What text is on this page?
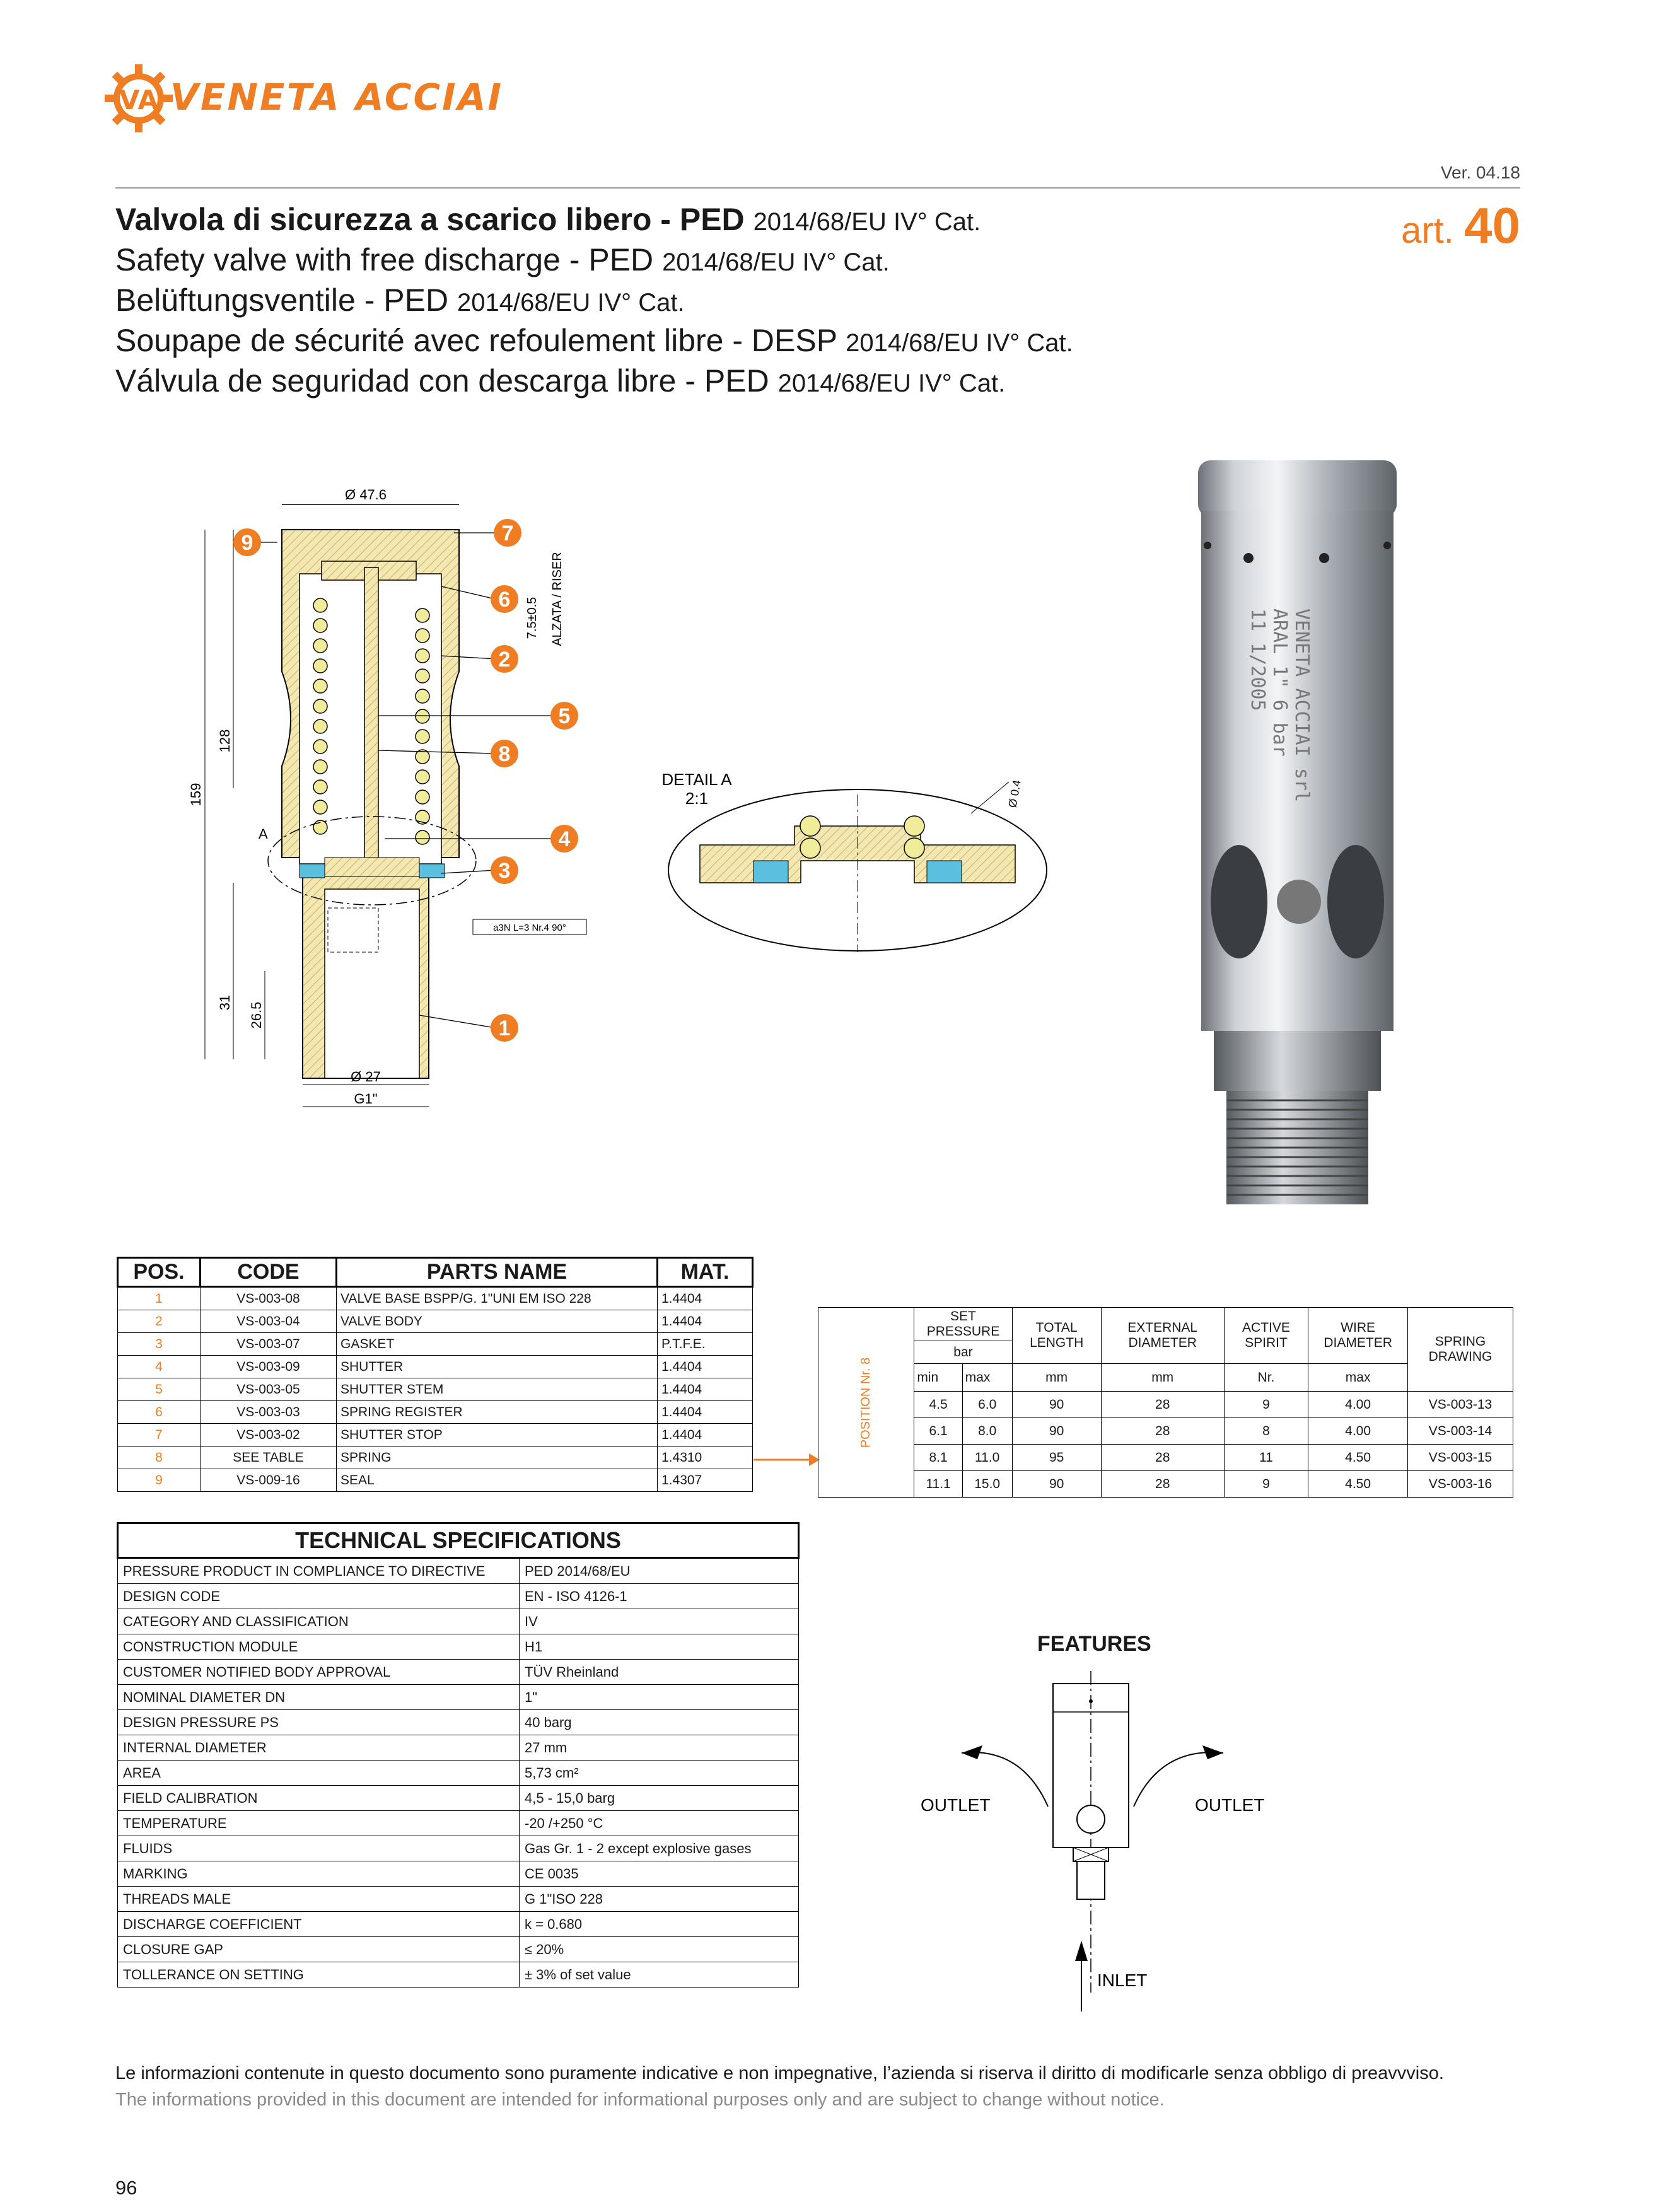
VA VENETA ACCIAI
Ver. 04.18
Valvola di sicurezza a scarico libero - PED 2014/68/EU IV° Cat.
Safety valve with free discharge - PED 2014/68/EU IV° Cat.
Belüftungsventile - PED 2014/68/EU IV° Cat.
Soupape de sécurité avec refoulement libre - DESP 2014/68/EU IV° Cat.
Válvula de seguridad con descarga libre - PED 2014/68/EU IV° Cat.
art. 40
Ø 47.6
A
159
128
31 26.5
7.5±0.5 ALZATA / RISER
Ø 27
G1"
a3N L=3 Nr.4 90°
9	7
6
2
5
8
4
3
1
DETAIL A
2:1	Ø 0.4	VENETA ACCIAI srl
ARAL 1" 6 bar
11 1/2005
POS.	CODE	PARTS NAME	MAT.
1	VS-003-08	VALVE BASE BSPP/G. 1"UNI EM ISO 228	1.4404
2	VS-003-04	VALVE BODY	1.4404
3	VS-003-07	GASKET	P.T.F.E.
4	VS-003-09	SHUTTER	1.4404
5	VS-003-05	SHUTTER STEM	1.4404
6	VS-003-03	SPRING REGISTER	1.4404
7	VS-003-02	SHUTTER STOP	1.4404
8	SEE TABLE	SPRING	1.4310
9	VS-009-16	SEAL	1.4307
POSITION Nr. 8	SET PRESSURE		TOTAL LENGTH	EXTERNAL DIAMETER	ACTIVE SPIRIT	WIRE DIAMETER	SPRING DRAWING
	bar						
	min	max	mm	mm	Nr.	max	
	4.5	6.0	90	28	9	4.00	VS-003-13
	6.1	8.0	90	28	8	4.00	VS-003-14
	8.1	11.0	95	28	11	4.50	VS-003-15
	11.1	15.0	90	28	9	4.50	VS-003-16
TECHNICAL SPECIFICATIONS	
PRESSURE PRODUCT IN COMPLIANCE TO DIRECTIVE	PED 2014/68/EU
DESIGN CODE	EN - ISO 4126-1
CATEGORY AND CLASSIFICATION	IV
CONSTRUCTION MODULE	H1
CUSTOMER NOTIFIED BODY APPROVAL	TÜV Rheinland
NOMINAL DIAMETER DN	1"
DESIGN PRESSURE PS	40 barg
INTERNAL DIAMETER	27 mm
AREA	5,73 cm²
FIELD CALIBRATION	4,5 - 15,0 barg
TEMPERATURE	-20 /+250 °C
FLUIDS	Gas Gr. 1 - 2 except explosive gases
MARKING	CE 0035
THREADS MALE	G 1"ISO 228
DISCHARGE COEFFICIENT	k = 0.680
CLOSURE GAP	≤ 20%
TOLLERANCE ON SETTING	± 3% of set value
FEATURES
OUTLET	OUTLET
INLET
Le informazioni contenute in questo documento sono puramente indicative e non impegnative, l’azienda si riserva il diritto di modificarle senza obbligo di preavvviso.
The informations provided in this document are intended for informational purposes only and are subject to change without notice.
96
